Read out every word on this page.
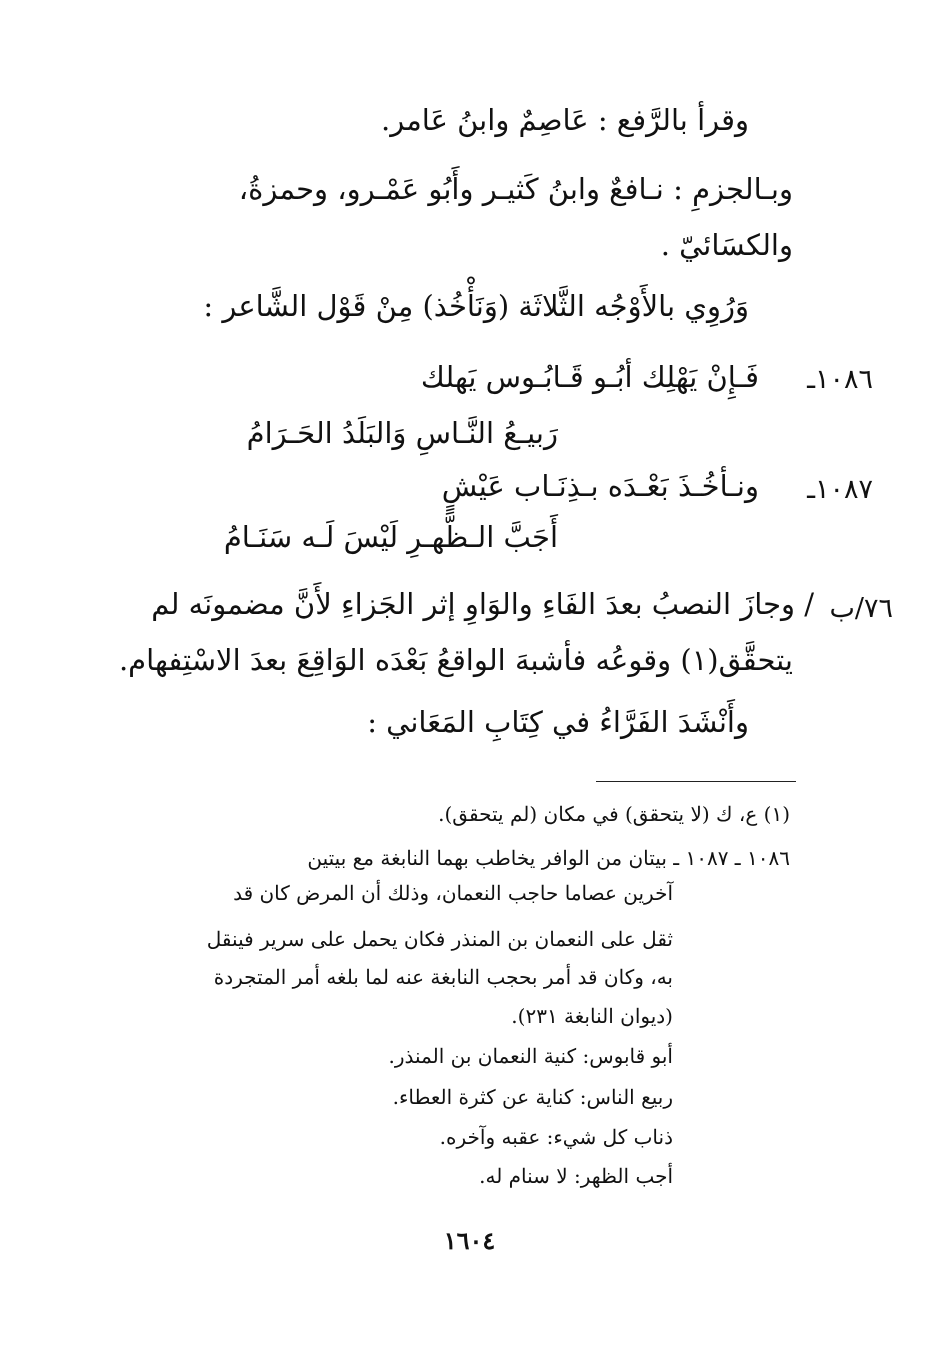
وقرأ بالرَّفع : عَاصِمٌ وابنُ عَامر.
وبـالجزمِ : نـافعٌ وابنُ كَثيـر وأَبُو عَمْـرو، وحمزةُ،
والكسَائيّ .
وَرُوِي بالأَوْجُه الثَّلاثَة (وَنَأْخُذ) مِنْ قَوْل الشَّاعر :
١٠٨٦ـ
فَـإِنْ يَهْلِك أبُـو قَـابُـوس يَهلك
رَبيـعُ النَّـاسِ وَالبَلَدُ الحَـرَامُ
١٠٨٧ـ
ونـأخُـذَ بَعْـدَه بـذِنَـاب عَيْشٍ
أَجَبَّ الـظَّهـرِ لَيْسَ لَـه سَنَـامُ
٧٦/ب
/ وجازَ النصبُ بعدَ الفَاءِ والوَاوِ إثر الجَزاءِ لأَنَّ مضمونَه لم
يتحقَّق(١) وقوعُه فأشبهَ الواقعُ بَعْدَه الوَاقِعَ بعدَ الاسْتِفهام.
وأَنْشَدَ الفَرَّاءُ في كِتَابِ المَعَاني :
(١) ع، ك (لا يتحقق) في مكان (لم يتحقق).
١٠٨٦ ـ ١٠٨٧ ـ بيتان من الوافر يخاطب بهما النابغة مع بيتين
آخرين عصاما حاجب النعمان، وذلك أن المرض كان قد
ثقل على النعمان بن المنذر فكان يحمل على سرير فينقل
به، وكان قد أمر بحجب النابغة عنه لما بلغه أمر المتجردة
(ديوان النابغة ٢٣١).
أبو قابوس: كنية النعمان بن المنذر.
ربيع الناس: كناية عن كثرة العطاء.
ذناب كل شيء: عقبه وآخره.
أجب الظهر: لا سنام له.
١٦٠٤
